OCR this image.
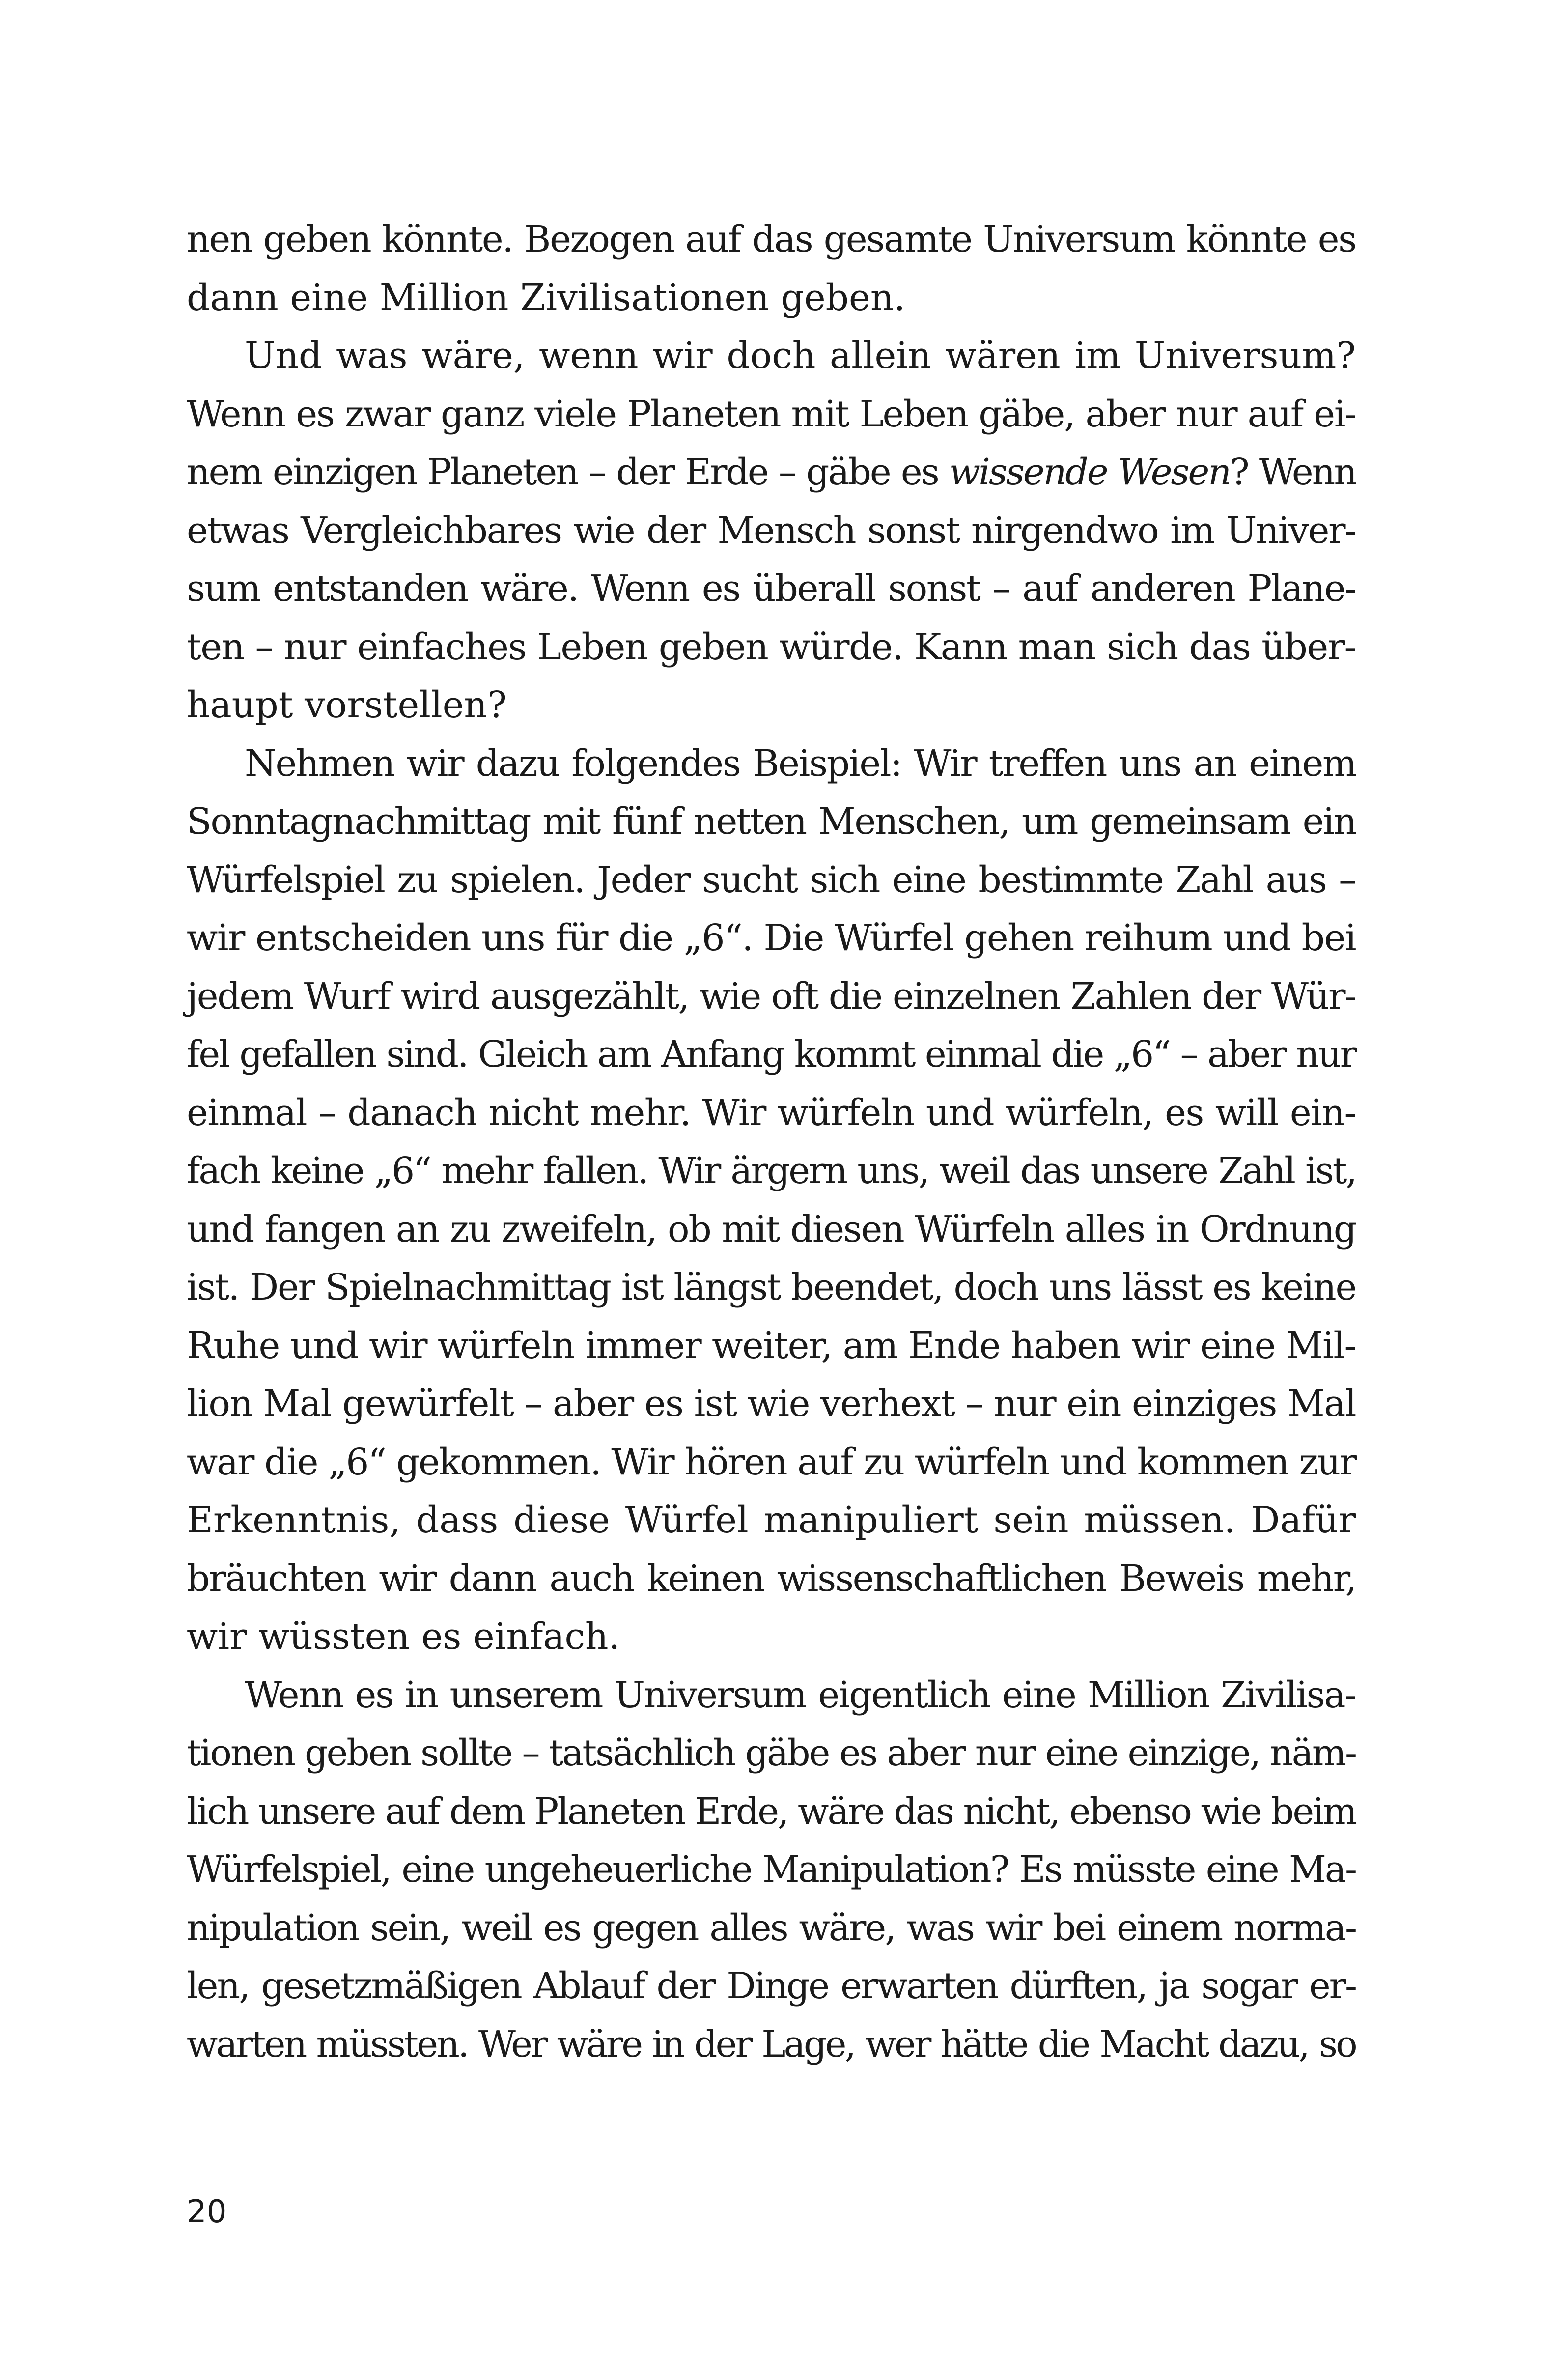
nen geben könnte. Bezogen auf das gesamte Universum könnte es
dann eine Million Zivilisationen geben.
Und was wäre, wenn wir doch allein wären im Universum?
Wenn es zwar ganz viele Planeten mit Leben gäbe, aber nur auf ei-
nem einzigen Planeten – der Erde – gäbe es wissende Wesen? Wenn
etwas Vergleichbares wie der Mensch sonst nirgendwo im Univer-
sum entstanden wäre. Wenn es überall sonst – auf anderen Plane-
ten – nur einfaches Leben geben würde. Kann man sich das über-
haupt vorstellen?
Nehmen wir dazu folgendes Beispiel: Wir treffen uns an einem
Sonntagnachmittag mit fünf netten Menschen, um gemeinsam ein
Würfelspiel zu spielen. Jeder sucht sich eine bestimmte Zahl aus –
wir entscheiden uns für die „6“. Die Würfel gehen reihum und bei
jedem Wurf wird ausgezählt, wie oft die einzelnen Zahlen der Wür-
fel gefallen sind. Gleich am Anfang kommt einmal die „6“ – aber nur
einmal – danach nicht mehr. Wir würfeln und würfeln, es will ein-
fach keine „6“ mehr fallen. Wir ärgern uns, weil das unsere Zahl ist,
und fangen an zu zweifeln, ob mit diesen Würfeln alles in Ordnung
ist. Der Spielnachmittag ist längst beendet, doch uns lässt es keine
Ruhe und wir würfeln immer weiter, am Ende haben wir eine Mil-
lion Mal gewürfelt – aber es ist wie verhext – nur ein einziges Mal
war die „6“ gekommen. Wir hören auf zu würfeln und kommen zur
Erkenntnis, dass diese Würfel manipuliert sein müssen. Dafür
bräuchten wir dann auch keinen wissenschaftlichen Beweis mehr,
wir wüssten es einfach.
Wenn es in unserem Universum eigentlich eine Million Zivilisa-
tionen geben sollte – tatsächlich gäbe es aber nur eine einzige, näm-
lich unsere auf dem Planeten Erde, wäre das nicht, ebenso wie beim
Würfelspiel, eine ungeheuerliche Manipulation? Es müsste eine Ma-
nipulation sein, weil es gegen alles wäre, was wir bei einem norma-
len, gesetzmäßigen Ablauf der Dinge erwarten dürften, ja sogar er-
warten müssten. Wer wäre in der Lage, wer hätte die Macht dazu, so
20
